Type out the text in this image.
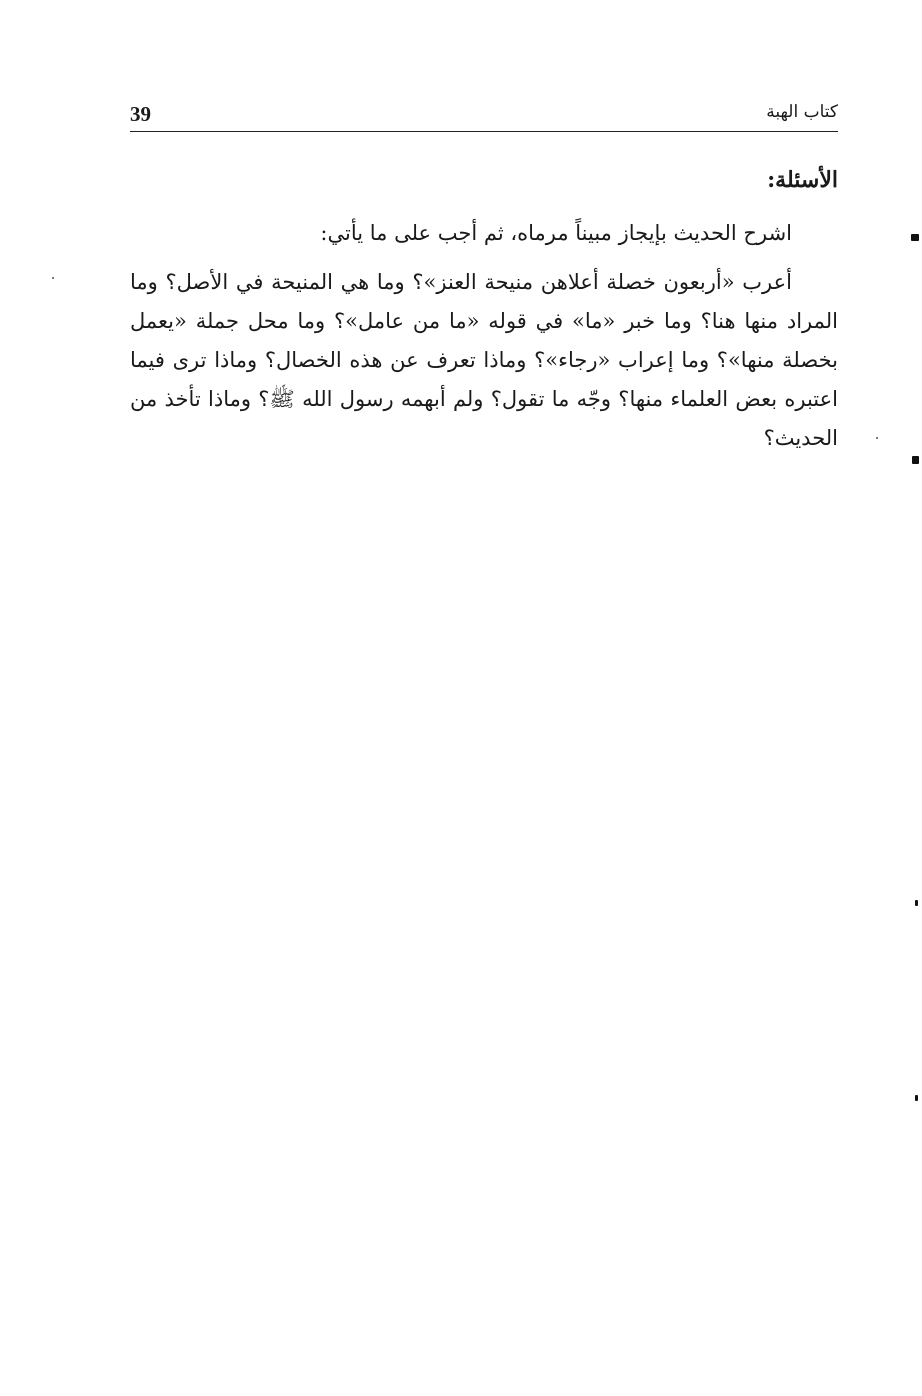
39	كتاب الهبة
الأسئلة:

اشرح الحديث بإيجاز مبيناً مرماه، ثم أجب على ما يأتي:

أعرب «أربعون خصلة أعلاهن منيحة العنز»؟ وما هي المنيحة في الأصل؟ وما المراد منها هنا؟ وما خبر «ما» في قوله «ما من عامل»؟ وما محل جملة «يعمل بخصلة منها»؟ وما إعراب «رجاء»؟ وماذا تعرف عن هذه الخصال؟ وماذا ترى فيما اعتبره بعض العلماء منها؟ وجّه ما تقول؟ ولم أبهمه رسول الله ﷺ؟ وماذا تأخذ من الحديث؟
